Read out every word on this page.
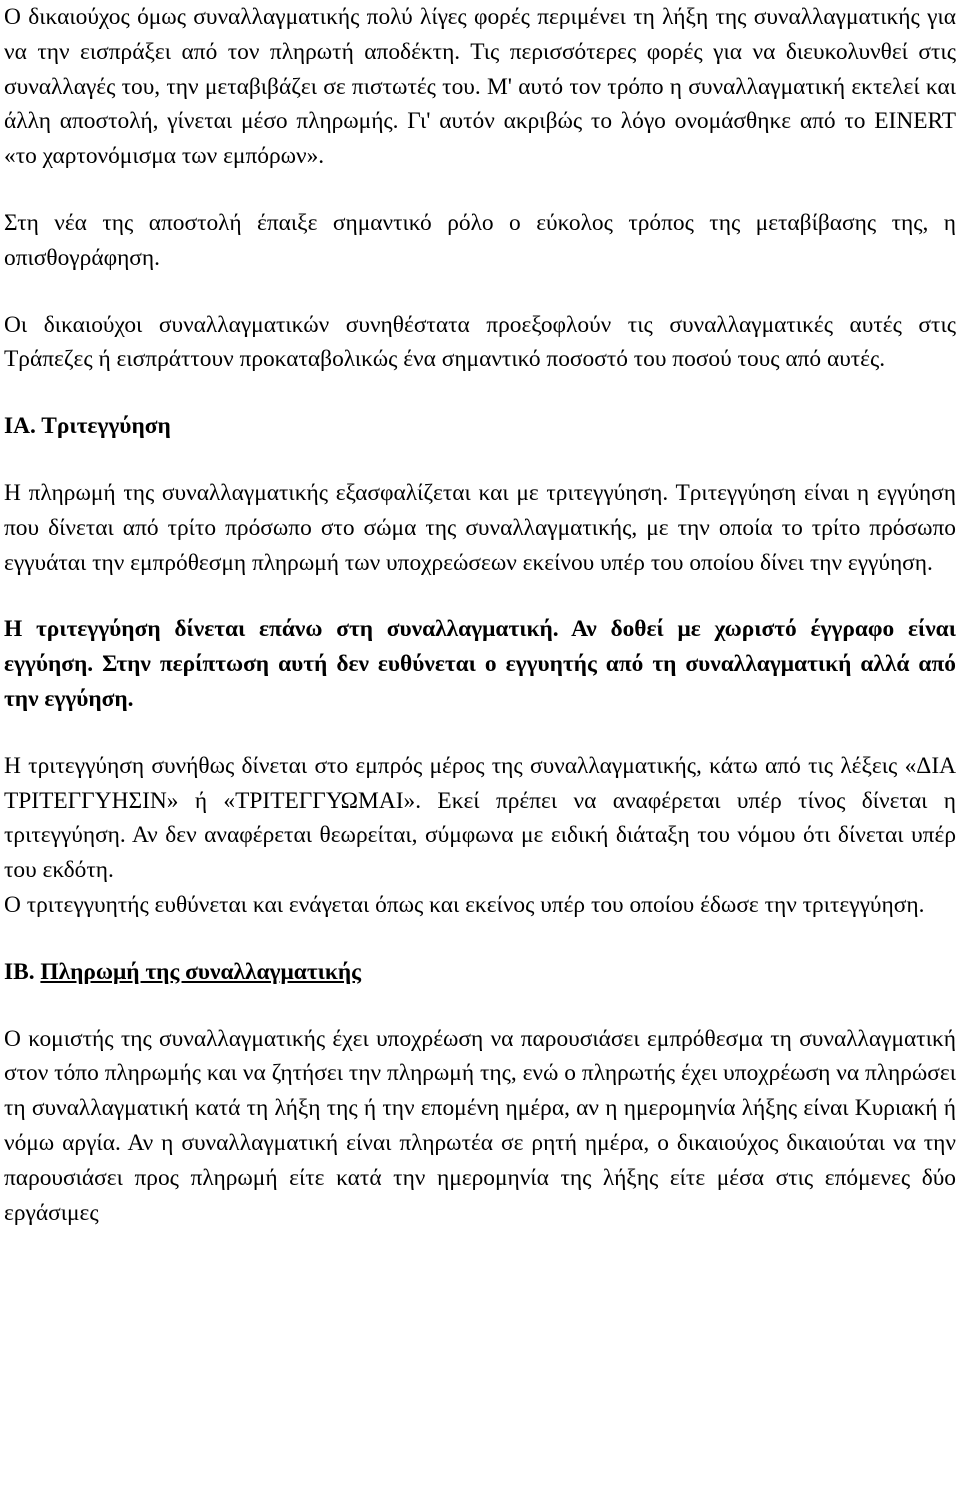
Ο δικαιούχος όμως συναλλαγματικής πολύ λίγες φορές περιμένει τη λήξη της συναλλαγματικής για να την εισπράξει από τον πληρωτή αποδέκτη. Τις περισσότερες φορές για να διευκολυνθεί στις συναλλαγές του, την μεταβιβάζει σε πιστωτές του. Μ' αυτό τον τρόπο η συναλλαγματική εκτελεί και άλλη αποστολή, γίνεται μέσο πληρωμής. Γι' αυτόν ακριβώς το λόγο ονομάσθηκε από το EINERT «το χαρτονόμισμα των εμπόρων».

Στη νέα της αποστολή έπαιξε σημαντικό ρόλο ο εύκολος τρόπος της μεταβίβασης της, η οπισθογράφηση.

Οι δικαιούχοι συναλλαγματικών συνηθέστατα προεξοφλούν τις συναλλαγματικές αυτές στις Τράπεζες ή εισπράττουν προκαταβολικώς ένα σημαντικό ποσοστό του ποσού τους από αυτές.

ΙΑ. Τριτεγγύηση

Η πληρωμή της συναλλαγματικής εξασφαλίζεται και με τριτεγγύηση. Τριτεγγύηση είναι η εγγύηση που δίνεται από τρίτο πρόσωπο στο σώμα της συναλλαγματικής, με την οποία το τρίτο πρόσωπο εγγυάται την εμπρόθεσμη πληρωμή των υποχρεώσεων εκείνου υπέρ του οποίου δίνει την εγγύηση.

Η τριτεγγύηση δίνεται επάνω στη συναλλαγματική. Αν δοθεί με χωριστό έγγραφο είναι εγγύηση. Στην περίπτωση αυτή δεν ευθύνεται ο εγγυητής από τη συναλλαγματική αλλά από την εγγύηση.

Η τριτεγγύηση συνήθως δίνεται στο εμπρός μέρος της συναλλαγματικής, κάτω από τις λέξεις «ΔΙΑ ΤΡΙΤΕΓΓΥΗΣΙΝ» ή «ΤΡΙΤΕΓΓΥΩΜΑΙ». Εκεί πρέπει να αναφέρεται υπέρ τίνος δίνεται η τριτεγγύηση. Αν δεν αναφέρεται θεωρείται, σύμφωνα με ειδική διάταξη του νόμου ότι δίνεται υπέρ του εκδότη.

Ο τριτεγγυητής ευθύνεται και ενάγεται όπως και εκείνος υπέρ του οποίου έδωσε την τριτεγγύηση.

ΙΒ. Πληρωμή της συναλλαγματικής

Ο κομιστής της συναλλαγματικής έχει υποχρέωση να παρουσιάσει εμπρόθεσμα τη συναλλαγματική στον τόπο πληρωμής και να ζητήσει την πληρωμή της, ενώ ο πληρωτής έχει υποχρέωση να πληρώσει τη συναλλαγματική κατά τη λήξη της ή την επομένη ημέρα, αν η ημερομηνία λήξης είναι Κυριακή ή νόμω αργία. Αν η συναλλαγματική είναι πληρωτέα σε ρητή ημέρα, ο δικαιούχος δικαιούται να την παρουσιάσει προς πληρωμή είτε κατά την ημερομηνία της λήξης είτε μέσα στις επόμενες δύο εργάσιμες
